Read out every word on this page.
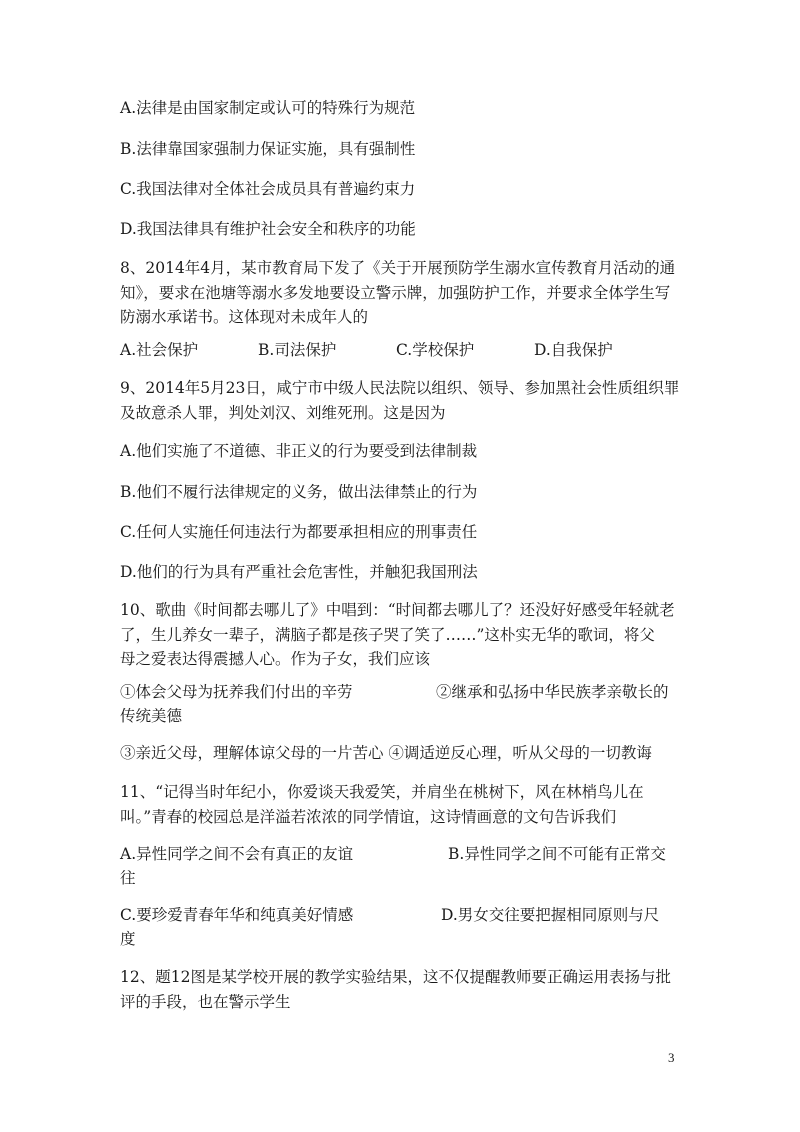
A.法律是由国家制定或认可的特殊行为规范
B.法律靠国家强制力保证实施，具有强制性
C.我国法律对全体社会成员具有普遍约束力
D.我国法律具有维护社会安全和秩序的功能
8、2014年4月，某市教育局下发了《关于开展预防学生溺水宣传教育月活动的通
知》，要求在池塘等溺水多发地要设立警示牌，加强防护工作，并要求全体学生写
防溺水承诺书。这体现对未成年人的
A.社会保护	B.司法保护	C.学校保护	D.自我保护
9、2014年5月23日，咸宁市中级人民法院以组织、领导、参加黑社会性质组织罪
及故意杀人罪，判处刘汉、刘维死刑。这是因为
A.他们实施了不道德、非正义的行为要受到法律制裁
B.他们不履行法律规定的义务，做出法律禁止的行为
C.任何人实施任何违法行为都要承担相应的刑事责任
D.他们的行为具有严重社会危害性，并触犯我国刑法
10、歌曲《时间都去哪儿了》中唱到：“时间都去哪儿了？还没好好感受年轻就老
了，生儿养女一辈子，满脑子都是孩子哭了笑了……”这朴实无华的歌词，将父
母之爱表达得震撼人心。作为子女，我们应该
①体会父母为抚养我们付出的辛劳	②继承和弘扬中华民族孝亲敬长的
传统美德
③亲近父母，理解体谅父母的一片苦心 ④调适逆反心理，听从父母的一切教诲
11、“记得当时年纪小，你爱谈天我爱笑，并肩坐在桃树下，风在林梢鸟儿在
叫。”青春的校园总是洋溢若浓浓的同学情谊，这诗情画意的文句告诉我们
A.异性同学之间不会有真正的友谊	B.异性同学之间不可能有正常交
往
C.要珍爱青春年华和纯真美好情感	D.男女交往要把握相同原则与尺
度
12、题12图是某学校开展的教学实验结果，这不仅提醒教师要正确运用表扬与批
评的手段，也在警示学生
3
